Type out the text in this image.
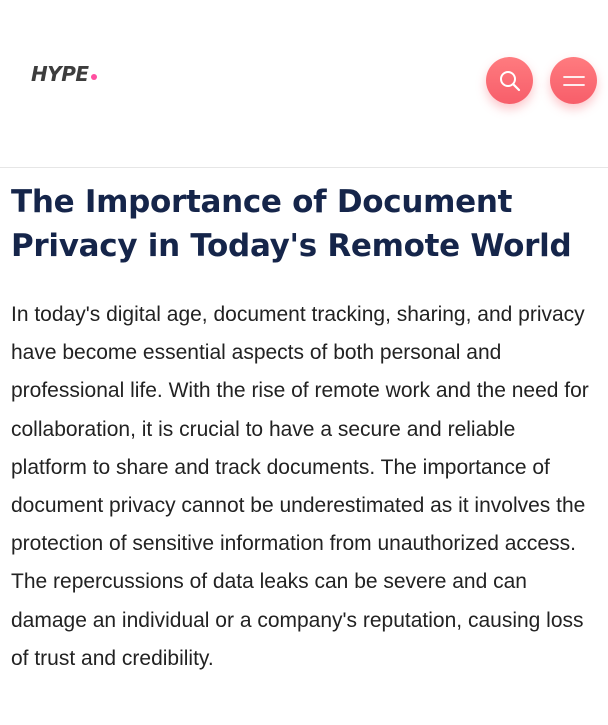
HYPE
The Importance of Document Privacy in Today's Remote World

In today's digital age, document tracking, sharing, and privacy have become essential aspects of both personal and professional life. With the rise of remote work and the need for collaboration, it is crucial to have a secure and reliable platform to share and track documents. The importance of document privacy cannot be underestimated as it involves the protection of sensitive information from unauthorized access. The repercussions of data leaks can be severe and can damage an individual or a company's reputation, causing loss of trust and credibility.
